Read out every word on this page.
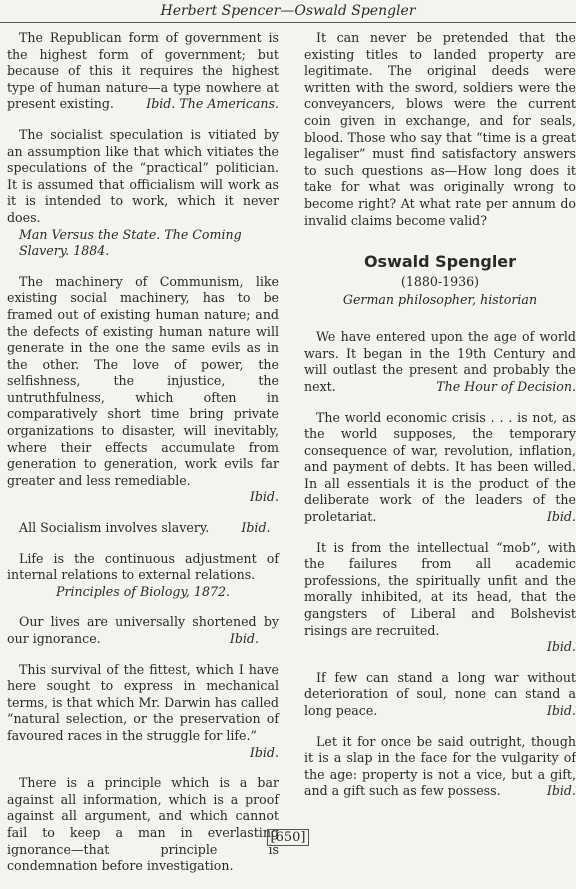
Herbert Spencer—Oswald Spengler

The Republican form of government is the highest form of government; but because of this it requires the highest type of human nature—a type nowhere at present existing.	Ibid. The Americans.

The socialist speculation is vitiated by an assumption like that which vitiates the speculations of the “practical” politician. It is assumed that officialism will work as it is intended to work, which it never does.

Man Versus the State. The Coming Slavery. 1884.

The machinery of Communism, like existing social machinery, has to be framed out of existing human nature; and the defects of existing human nature will generate in the one the same evils as in the other. The love of power, the selfishness, the injustice, the untruthfulness, which often in comparatively short time bring private organizations to disaster, will inevitably, where their effects accumulate from generation to generation, work evils far greater and less remediable.

Ibid.

All Socialism involves slavery.	Ibid.

Life is the continuous adjustment of internal relations to external relations.

Principles of Biology, 1872.

Our lives are universally shortened by our ignorance.	Ibid.

This survival of the fittest, which I have here sought to express in mechanical terms, is that which Mr. Darwin has called “natural selection, or the preservation of favoured races in the struggle for life.”
Ibid.

There is a principle which is a bar against all information, which is a proof against all argument, and which cannot fail to keep a man in everlasting ignorance—that principle is condemnation before investigation.

It can never be pretended that the existing titles to landed property are legitimate. The original deeds were written with the sword, soldiers were the conveyancers, blows were the current coin given in exchange, and for seals, blood. Those who say that “time is a great legaliser” must find satisfactory answers to such questions as—How long does it take for what was originally wrong to become right? At what rate per annum do invalid claims become valid?

Oswald Spengler
(1880-1936)
German philosopher, historian

We have entered upon the age of world wars. It began in the 19th Century and will outlast the present and probably the next.	The Hour of Decision.

The world economic crisis . . . is not, as the world supposes, the temporary consequence of war, revolution, inflation, and payment of debts. It has been willed. In all essentials it is the product of the deliberate work of the leaders of the proletariat.	Ibid.

It is from the intellectual “mob”, with the failures from all academic professions, the spiritually unfit and the morally inhibited, at its head, that the gangsters of Liberal and Bolshevist risings are recruited.

Ibid.

If few can stand a long war without deterioration of soul, none can stand a long peace.	Ibid.

Let it for once be said outright, though it is a slap in the face for the vulgarity of the age: property is not a vice, but a gift, and a gift such as few possess.	Ibid.

[650]
